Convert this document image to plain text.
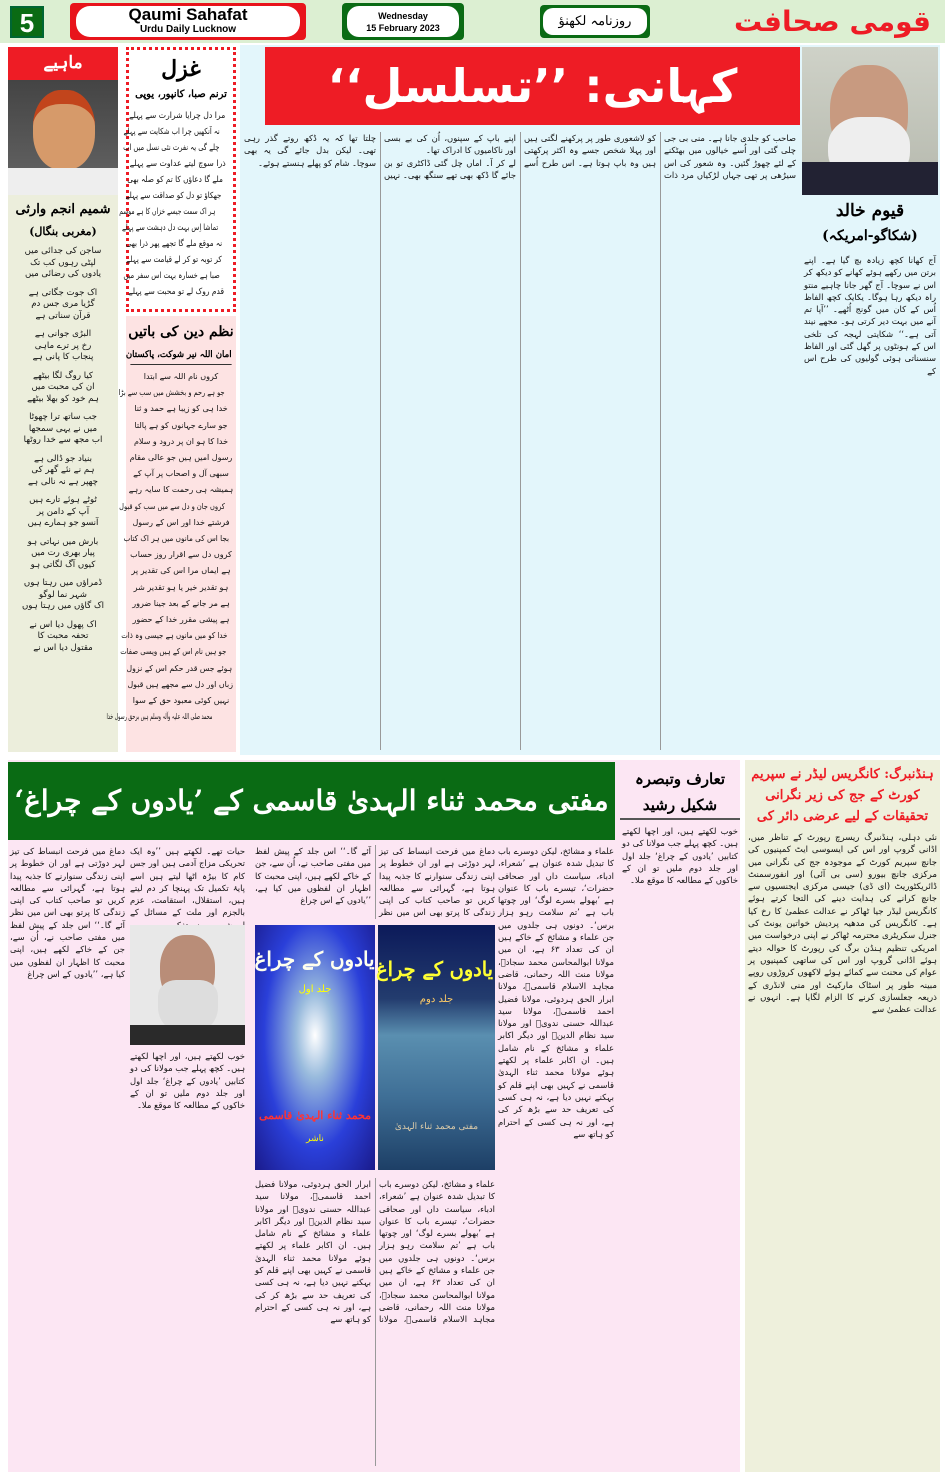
5	Qaumi Sahafat
Urdu Daily Lucknow
Wednesday
15 February 2023	روزنامہ لکھنؤ
کہانی: ’’تسلسل‘‘
قیوم خالد
(شکاگو-امریکہ)
آج کھانا کچھ زیادہ بچ گیا ہے۔ اپنے برتن میں رکھے ہوئے کھانے کو دیکھ کر اس نے سوچا۔ آج گھر جانا چاہیے منتو راہ دیکھ رہا ہوگا۔ یکایک کچھ الفاظ اُس کے کان میں گونج اُٹھے۔ ’’آپا تم آنے میں بہت دیر کرتی ہو۔ مجھے نیند آتی ہے۔‘‘ شکایتی لہجہ کی تلخی اس کے ہونٹوں پر گھل گئی اور الفاظ سنسناتی ہوئی گولیوں کی طرح اس کے

صاحب کو جلدی جانا ہے۔ منی بی جی چلی گئی اور اُسے خیالوں میں بھٹکنے کے لئے چھوڑ گئیں۔ وہ شعور کی اس سیڑھی پر تھی جہاں لڑکیاں مرد ذات کو لاشعوری طور پر پرکھنے لگتی ہیں اور پہلا شخص جسے وہ اکثر پرکھتی ہیں وہ باپ ہوتا ہے۔ اس طرح اُسے اپنے باپ کے سپنوں، اُن کی بے بسی اور ناکامیوں کا ادراک تھا۔

لے کر آ۔ اماں چل گئی ڈاکٹری تو بن جائے گا ڈکھ بھی تھے سنگھ بھی۔ نہیں چلتا تھا کہ یہ ڈکھ روتے گذر رہی تھی۔ لیکن بدل جائے گی یہ بھی سوچا۔ شام کو پھلے ہنستے ہوئے۔

ماہیے
شمیم انجم وارثی
(مغربی بنگال)

ساجن کی جدائی میں
لپٹی رہوں کب تک
یادوں کی رضائی میں

اک جوت جگاتی ہے
گڑیا مری جس دم
قرآن سناتی ہے

البڑی جوانی ہے
رخ پر ترے ماہی
پنجاب کا پانی ہے

کیا روگ لگا بیٹھے
ان کی محبت میں
ہم خود کو بھلا بیٹھے

جب ساتھ ترا چھوٹا
میں نے یہی سمجھا
اب مجھ سے خدا روٹھا

بنیاد جو ڈالی ہے
ہم نے نئے گھر کی
چھپر ہے نہ نالی ہے

ٹوٹے ہوئے تارے ہیں
آپ کے دامن پر
آنسو جو ہمارے ہیں

بارش میں نہاتی ہو
پیار بھری رت میں
کیوں آگ لگاتی ہو

ڈمراؤں میں رہتا ہوں
شہر نما لوگو
اک گاؤں میں رہتا ہوں

اک پھول دیا اس نے
تحفہ محبت کا
مقتول دیا اس نے

غزل
ترنم صبا، کانپور، یوپی
مرا دل چرایا شرارت سے پہلے
نہ آنکھیں چرا اب شکایت سے پہلے
چلے گی یہ نفرت نئی نسل میں اب
ذرا سوچ لیتے عداوت سے پہلے
ملے گا دعاؤں کا تم کو صلہ بھی
جھکاؤ تو دل کو صداقت سے پہلے
ہر اک سمت جیسے خزاں کا ہے موسم
تماشا اِس بہت دل دہشت سے پہلے
نہ موقع ملے گا تجھے پھر ذرا بھی
کر توبہ تو کر لے قیامت سے پہلے
صبا ہے خسارہ بہت اس سفر میں
قدم روک لے تو محبت سے پہلے
نظم دین کی باتیں
امان اللہ نیر شوکت، پاکستان
کروں نام اللہ سے ابتدا
جو ہے رحم و بخشش میں سب سے بڑا
خدا ہی کو زیبا ہے حمد و ثنا
جو سارے جہانوں کو ہے پالتا
خدا کا ہو ان پر درود و سلام
رسول امیں ہیں جو عالی مقام
سبھی آل و اصحاب پر آپ کے
ہمیشہ ہی رحمت کا سایہ رہے
کروں جان و دل سے میں سب کو قبول
فرشتے خدا اور اس کے رسول
بجا اس کی مانوں میں ہر اک کتاب
کروں دل سے اقرار روز حساب
ہے ایماں مرا اس کی تقدیر پر
ہو تقدیر خیر یا ہو تقدیر شر
ہے مر جانے کے بعد جینا ضرور
ہے پیشی مقرر خدا کے حضور
خدا کو میں مانوں ہے جیسی وہ ذات
جو ہیں نام اس کے ہیں ویسی صفات
ہوئے جس قدر حکم اس کے نزول
زباں اور دل سے مجھے ہیں قبول
نہیں کوئی معبود حق کے سوا
محمد صلی اللہ علیہ وآلہ وسلم ہیں برحق رسول خدا
مفتی محمد ثناء الہدیٰ قاسمی کے ’یادوں کے چراغ‘
تعارف وتبصرہ
شکیل رشید
خوب لکھتے ہیں، اور اچھا لکھتے ہیں۔ کچھ پہلے جب مولانا کی دو کتابیں ’یادوں کے چراغ‘ جلد اول اور جلد دوم ملیں تو ان کے خاکوں کے مطالعہ کا موقع ملا۔
علماء و مشائخ، لیکن دوسرے باب کا تبدیل شدہ عنوان ہے ’شعراء، ادباء، سیاست داں اور صحافی حضرات‘، تیسرے باب کا عنوان ہے ’بھولے بسرے لوگ‘ اور چوتھا باب ہے ’تم سلامت رہو ہزار برس‘۔ دونوں ہی جلدوں میں جن علماء و مشائخ کے خاکے ہیں ان کی تعداد ۶۳ ہے، ان میں مولانا ابوالمحاسن محمد سجادؒ، مولانا منت اللہ رحمانی، قاضی مجاہد الاسلام قاسمیؒ، مولانا ابرار الحق ہردوئی، مولانا فضیل احمد قاسمیؒ، مولانا سید عبداللہ حسنی ندویؒ اور مولانا سید نظام الدینؒ اور دیگر اکابر علماء و مشائخ کے نام شامل ہیں۔ ان اکابر علماء پر لکھتے ہوئے مولانا محمد ثناء الہدیٰ قاسمی نے کہیں بھی اپنے قلم کو بہکنے نہیں دیا ہے، نہ ہی کسی کی تعریف حد سے بڑھ کر کی ہے، اور نہ ہی کسی کے احترام کو ہاتھ سے
حیات تھے۔ لکھتے ہیں ’’وہ ایک تحریکی مزاج آدمی ہیں اور جس کام کا بیڑہ اٹھا لیتے ہیں اسے پایۂ تکمیل تک پہنچا کر دم لیتے ہیں، استقلال، استقامت، عزم بالجزم اور ملت کے مسائل کے
دماغ میں فرحت انبساط کی تیز لہر دوڑتی ہے اور ان خطوط پر اپنی زندگی سنوارنے کا جذبہ پیدا ہوتا ہے، گہرائی سے مطالعہ کریں تو صاحب کتاب کی اپنی زندگی کا پرتو بھی اس میں نظر آئے گا۔‘‘ اس جلد کے پیش لفظ میں مفتی صاحب نے، اُن سے، جن کے خاکے لکھے ہیں، اپنی محبت کا اظہار ان لفظوں میں کیا ہے، ’’یادوں کے اس چراغ
خوب لکھتے ہیں، اور اچھا لکھتے ہیں۔ کچھ پہلے جب مولانا کی دو کتابیں ’یادوں کے چراغ‘ جلد اول اور جلد دوم ملیں تو ان کے خاکوں کے مطالعہ کا موقع ملا۔
علماء و مشائخ، لیکن دوسرے باب کا تبدیل شدہ عنوان ہے ’شعراء، ادباء، سیاست داں اور صحافی حضرات‘، تیسرے باب کا عنوان ہے ’بھولے بسرے لوگ‘ اور چوتھا باب ہے ’تم سلامت رہو ہزار برس‘۔ دونوں ہی جلدوں میں جن علماء و مشائخ کے خاکے ہیں ان کی تعداد ۶۳ ہے، ان میں مولانا ابوالمحاسن محمد سجادؒ، مولانا منت اللہ رحمانی، قاضی مجاہد الاسلام قاسمیؒ، مولانا ابرار الحق ہردوئی، مولانا فضیل احمد قاسمیؒ، مولانا سید عبداللہ حسنی ندویؒ اور مولانا سید نظام الدینؒ اور دیگر اکابر علماء و مشائخ کے نام شامل ہیں۔ ان اکابر علماء پر لکھتے ہوئے مولانا محمد ثناء الہدیٰ قاسمی نے کہیں بھی اپنے قلم کو بہکنے نہیں دیا ہے، نہ ہی کسی کی تعریف حد سے بڑھ کر کی ہے، اور نہ ہی کسی کے احترام کو ہاتھ سے
دماغ میں فرحت انبساط کی تیز لہر دوڑتی ہے اور ان خطوط پر اپنی زندگی سنوارنے کا جذبہ پیدا ہوتا ہے، گہرائی سے مطالعہ کریں تو صاحب کتاب کی اپنی زندگی کا پرتو بھی اس میں نظر آئے گا۔‘‘ اس جلد کے پیش لفظ میں مفتی صاحب نے، اُن سے، جن کے خاکے لکھے ہیں، اپنی محبت کا اظہار ان لفظوں میں کیا ہے، ’’یادوں کے اس چراغ
یادوں کے چراغ
جلد اول
محمد ثناء الہدیٰ قاسمی
ناشر
یادوں کے چراغ
جلد دوم
مفتی محمد ثناء الہدیٰ
ہنڈنبرگ: کانگریس لیڈر نے سپریم کورٹ کے جج کی زیر نگرانی تحقیقات کے لیے عرضی دائر کی
نئی دہلی، ہنڈنبرگ ریسرچ رپورٹ کے تناظر میں، اڈانی گروپ اور اس کی ایسوسی ایٹ کمپنیوں کی جانچ سپریم کورٹ کے موجودہ جج کی نگرانی میں مرکزی جانچ بیورو (سی بی آئی) اور انفورسمنٹ ڈائریکٹوریٹ (ای ڈی) جیسی مرکزی ایجنسیوں سے جانچ کرانے کی ہدایت دینے کی التجا کرتے ہوئے کانگریس لیڈر جیا ٹھاکر نے عدالت عظمیٰ کا رخ کیا ہے۔ کانگریس کی مدھیہ پردیش خواتین یونٹ کی جنرل سکریٹری محترمہ ٹھاکر نے اپنی درخواست میں امریکی تنظیم ہنڈن برگ کی رپورٹ کا حوالہ دیتے ہوئے اڈانی گروپ اور اس کی ساتھی کمپنیوں پر عوام کی محنت سے کمائے ہوئے لاکھوں کروڑوں روپے مبینہ طور پر اسٹاک مارکیٹ اور منی لانڈری کے ذریعہ جعلسازی کرنے کا الزام لگایا ہے۔ انہوں نے عدالت عظمیٰ سے
قومی صحافت
